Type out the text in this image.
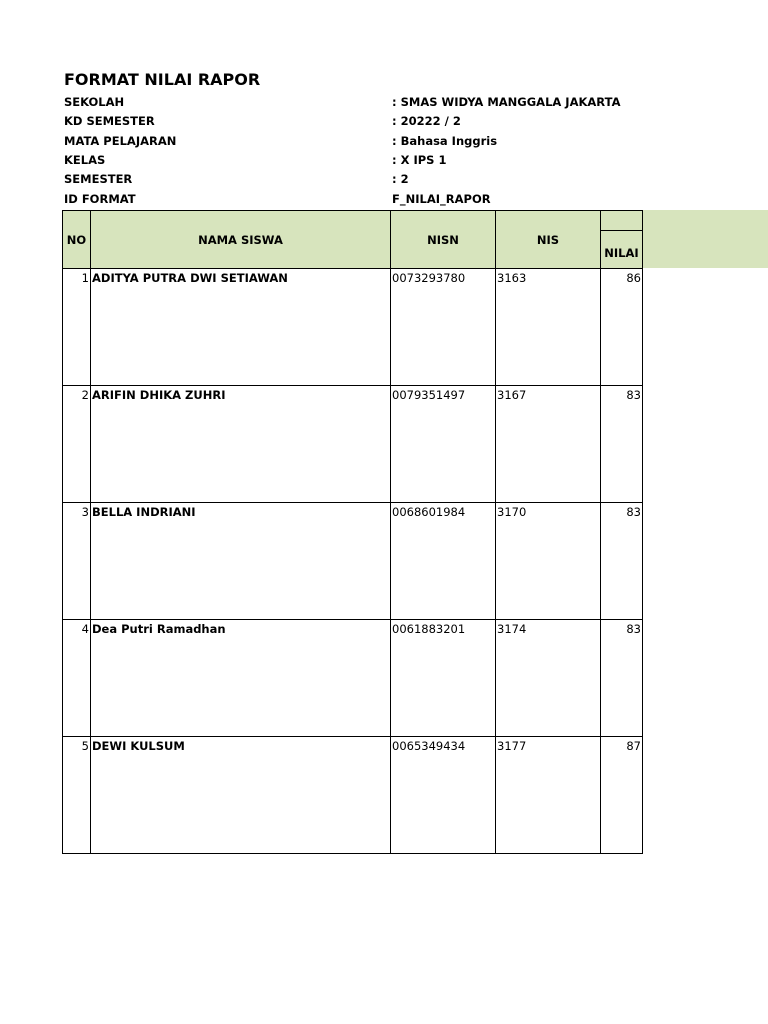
FORMAT NILAI RAPOR
SEKOLAH	: SMAS WIDYA MANGGALA JAKARTA
KD SEMESTER	: 20222 / 2
MATA PELAJARAN	: Bahasa Inggris
KELAS	: X IPS 1
SEMESTER	: 2
ID FORMAT	F_NILAI_RAPOR
NO	NAMA SISWA	NISN	NIS	
				NILAI
1	ADITYA PUTRA DWI SETIAWAN	0073293780	3163	86
2	ARIFIN DHIKA ZUHRI	0079351497	3167	83
3	BELLA INDRIANI	0068601984	3170	83
4	Dea Putri Ramadhan	0061883201	3174	83
5	DEWI KULSUM	0065349434	3177	87
